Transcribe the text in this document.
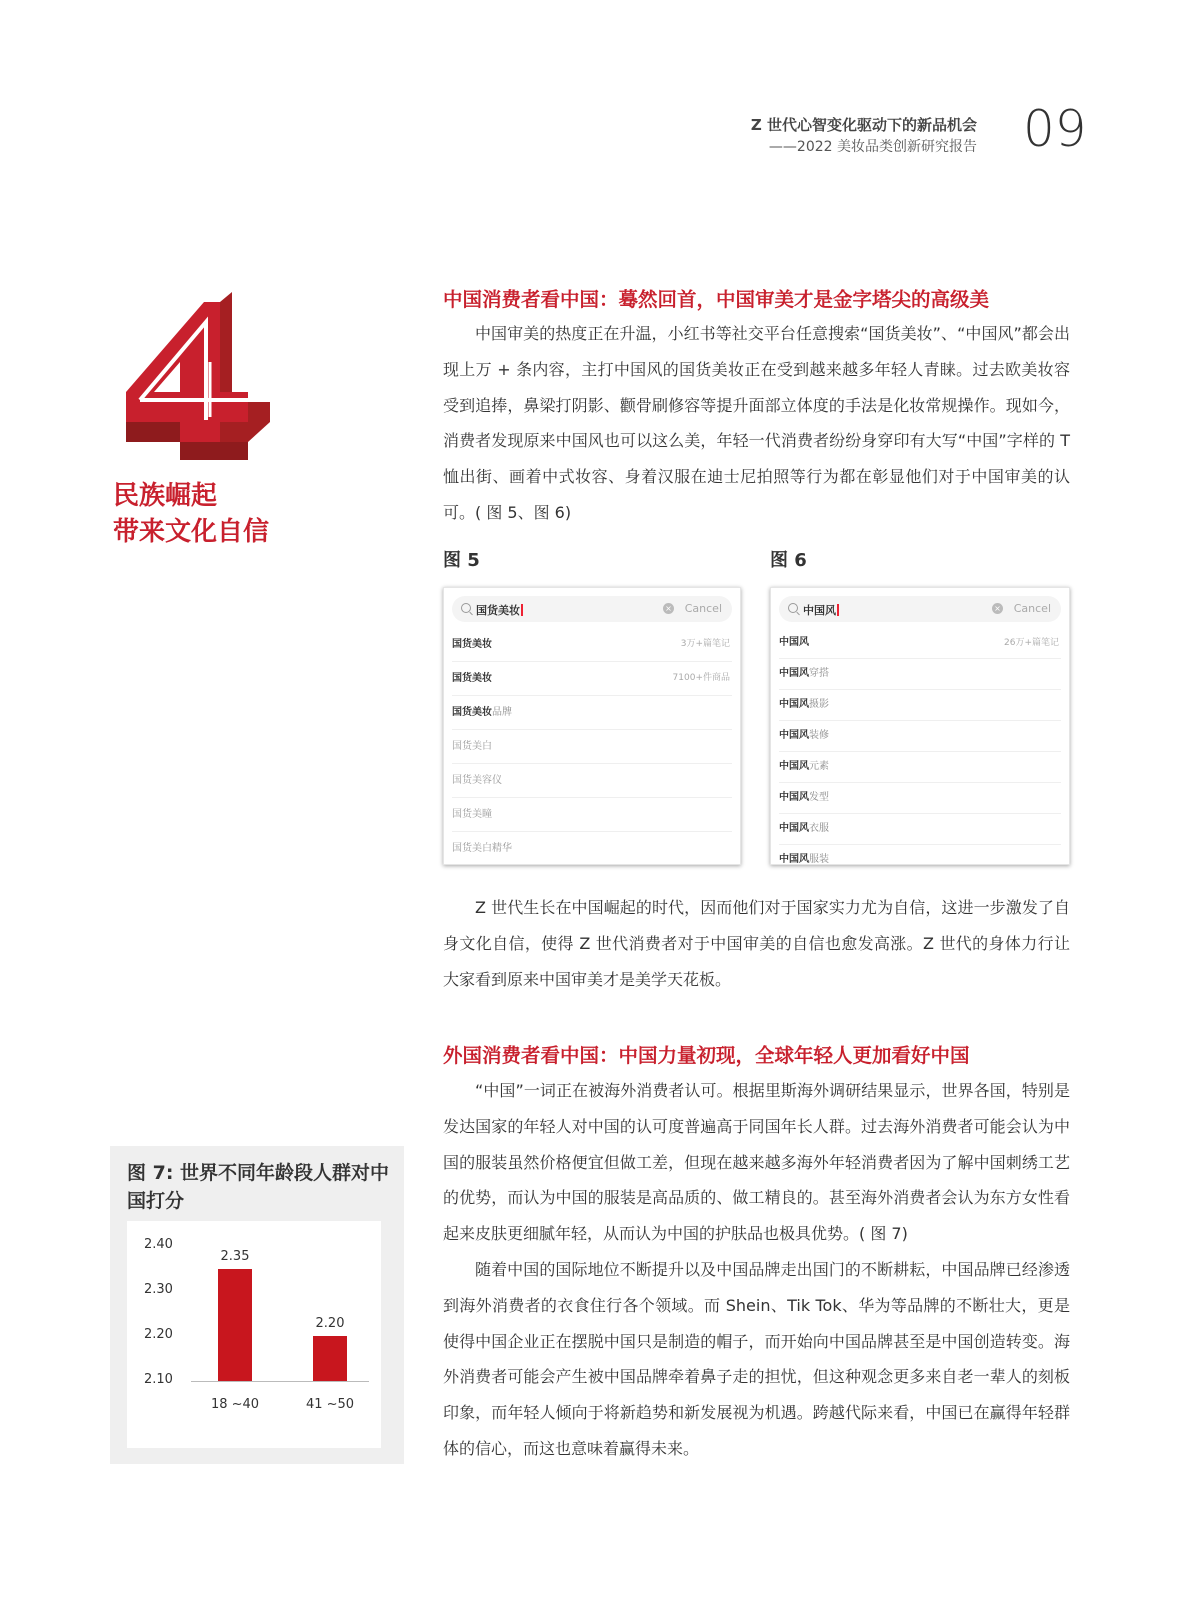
Z 世代心智变化驱动下的新品机会
——2022 美妆品类创新研究报告 09
民族崛起
带来文化自信
中国消费者看中国：蓦然回首，中国审美才是金字塔尖的高级美

中国审美的热度正在升温，小红书等社交平台任意搜索“国货美妆”、“中国风”都会出现上万 + 条内容，主打中国风的国货美妆正在受到越来越多年轻人青睐。过去欧美妆容受到追捧，鼻梁打阴影、颧骨刷修容等提升面部立体度的手法是化妆常规操作。现如今，消费者发现原来中国风也可以这么美，年轻一代消费者纷纷身穿印有大写“中国”字样的 T 恤出街、画着中式妆容、身着汉服在迪士尼拍照等行为都在彰显他们对于中国审美的认可。( 图 5、图 6)

图 5	图 6
国货美妆	× Cancel
国货美妆	3万+篇笔记
国货美妆	7100+件商品
国货美妆品牌
国货美白
国货美容仪
国货美瞳
国货美白精华
中国风	× Cancel
中国风	26万+篇笔记
中国风穿搭
中国风摄影
中国风装修
中国风元素
中国风发型
中国风衣服
中国风服装

Z 世代生长在中国崛起的时代，因而他们对于国家实力尤为自信，这进一步激发了自身文化自信，使得 Z 世代消费者对于中国审美的自信也愈发高涨。Z 世代的身体力行让大家看到原来中国审美才是美学天花板。

外国消费者看中国：中国力量初现，全球年轻人更加看好中国

“中国”一词正在被海外消费者认可。根据里斯海外调研结果显示，世界各国，特别是发达国家的年轻人对中国的认可度普遍高于同国年长人群。过去海外消费者可能会认为中国的服装虽然价格便宜但做工差，但现在越来越多海外年轻消费者因为了解中国刺绣工艺的优势，而认为中国的服装是高品质的、做工精良的。甚至海外消费者会认为东方女性看起来皮肤更细腻年轻，从而认为中国的护肤品也极具优势。( 图 7)

随着中国的国际地位不断提升以及中国品牌走出国门的不断耕耘，中国品牌已经渗透到海外消费者的衣食住行各个领域。而 Shein、Tik Tok、华为等品牌的不断壮大，更是使得中国企业正在摆脱中国只是制造的帽子，而开始向中国品牌甚至是中国创造转变。海外消费者可能会产生被中国品牌牵着鼻子走的担忧，但这种观念更多来自老一辈人的刻板印象，而年轻人倾向于将新趋势和新发展视为机遇。跨越代际来看，中国已在赢得年轻群体的信心，而这也意味着赢得未来。

图 7: 世界不同年龄段人群对中国打分
2.40
2.30
2.20
2.10
2.35
18 ~40
2.20
41 ~50
